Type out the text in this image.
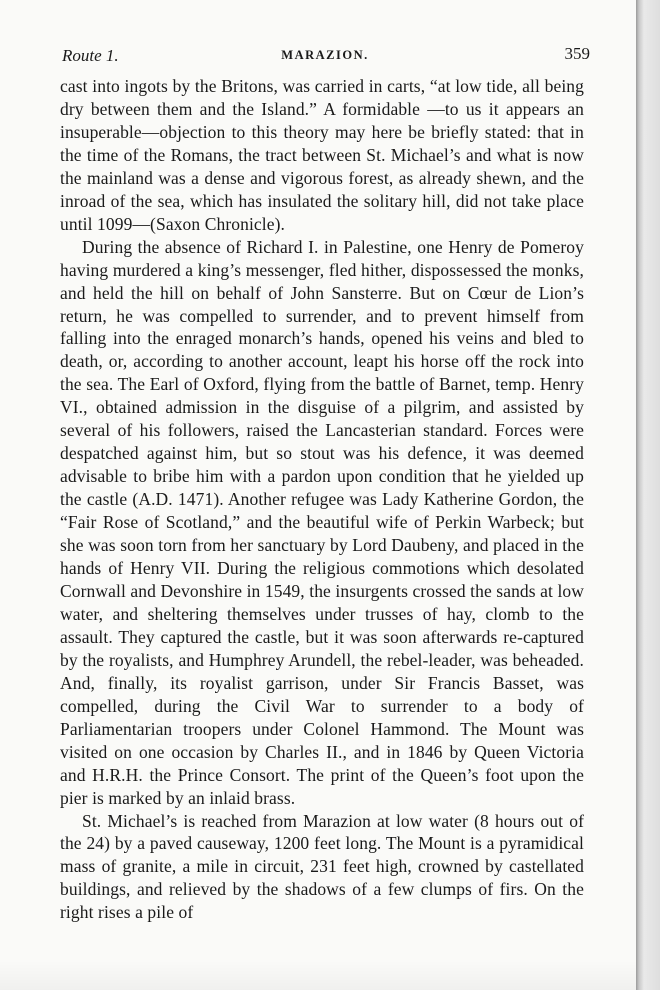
Route 1.	MARAZION.	359

cast into ingots by the Britons, was carried in carts, “at low tide, all being dry between them and the Island.” A formidable —to us it appears an insuperable—objection to this theory may here be briefly stated: that in the time of the Romans, the tract between St. Michael’s and what is now the mainland was a dense and vigorous forest, as already shewn, and the inroad of the sea, which has insulated the solitary hill, did not take place until 1099—(Saxon Chronicle).

During the absence of Richard I. in Palestine, one Henry de Pomeroy having murdered a king’s messenger, fled hither, dispossessed the monks, and held the hill on behalf of John Sansterre. But on Cœur de Lion’s return, he was compelled to surrender, and to prevent himself from falling into the enraged monarch’s hands, opened his veins and bled to death, or, according to another account, leapt his horse off the rock into the sea. The Earl of Oxford, flying from the battle of Barnet, temp. Henry VI., obtained admission in the disguise of a pilgrim, and assisted by several of his followers, raised the Lancasterian standard. Forces were despatched against him, but so stout was his defence, it was deemed advisable to bribe him with a pardon upon condition that he yielded up the castle (A.D. 1471). Another refugee was Lady Katherine Gordon, the “Fair Rose of Scotland,” and the beautiful wife of Perkin Warbeck; but she was soon torn from her sanctuary by Lord Daubeny, and placed in the hands of Henry VII. During the religious commotions which desolated Cornwall and Devonshire in 1549, the insurgents crossed the sands at low water, and sheltering themselves under trusses of hay, clomb to the assault. They captured the castle, but it was soon afterwards re-captured by the royalists, and Humphrey Arundell, the rebel-leader, was beheaded. And, finally, its royalist garrison, under Sir Francis Basset, was compelled, during the Civil War to surrender to a body of Parliamentarian troopers under Colonel Hammond. The Mount was visited on one occasion by Charles II., and in 1846 by Queen Victoria and H.R.H. the Prince Consort. The print of the Queen’s foot upon the pier is marked by an inlaid brass.

St. Michael’s is reached from Marazion at low water (8 hours out of the 24) by a paved causeway, 1200 feet long. The Mount is a pyramidical mass of granite, a mile in circuit, 231 feet high, crowned by castellated buildings, and relieved by the shadows of a few clumps of firs. On the right rises a pile of
